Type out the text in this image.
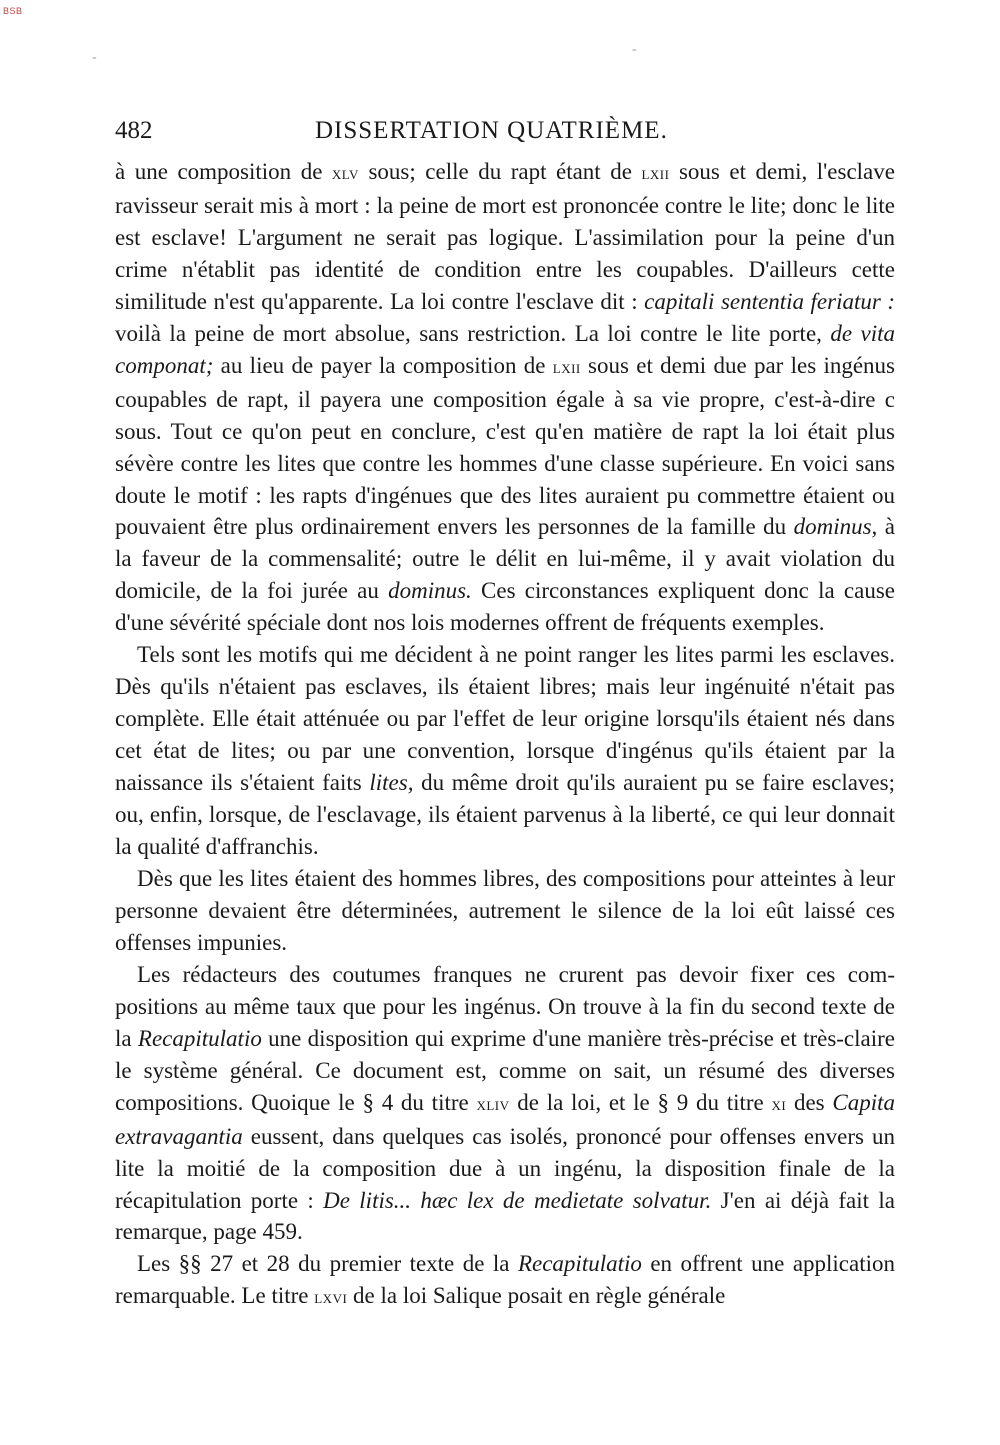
BSB
‐
‐
482	DISSERTATION QUATRIÈME.

à une composition de xlv sous; celle du rapt étant de lxii sous et demi, l'esclave ravisseur serait mis à mort : la peine de mort est prononcée contre le lite; donc le lite est esclave! L'argument ne serait pas logique. L'assimilation pour la peine d'un crime n'établit pas identité de condition entre les coupables. D'ailleurs cette similitude n'est qu'apparente. La loi contre l'esclave dit : capitali sententia feriatur : voilà la peine de mort absolue, sans restriction. La loi contre le lite porte, de vita componat; au lieu de payer la composition de lxii sous et demi due par les ingénus coupables de rapt, il payera une composition égale à sa vie propre, c'est-à-dire c sous. Tout ce qu'on peut en conclure, c'est qu'en matière de rapt la loi était plus sévère contre les lites que contre les hommes d'une classe supérieure. En voici sans doute le motif : les rapts d'ingénues que des lites auraient pu commettre étaient ou pouvaient être plus ordinairement envers les personnes de la famille du dominus, à la faveur de la commensalité; outre le délit en lui-même, il y avait violation du domicile, de la foi jurée au dominus. Ces circonstances expliquent donc la cause d'une sévérité spéciale dont nos lois modernes offrent de fréquents exemples.

Tels sont les motifs qui me décident à ne point ranger les lites parmi les esclaves. Dès qu'ils n'étaient pas esclaves, ils étaient libres; mais leur ingénuité n'était pas complète. Elle était atténuée ou par l'effet de leur origine lorsqu'ils étaient nés dans cet état de lites; ou par une convention, lorsque d'ingénus qu'ils étaient par la naissance ils s'étaient faits lites, du même droit qu'ils auraient pu se faire esclaves; ou, enfin, lorsque, de l'esclavage, ils étaient parvenus à la liberté, ce qui leur donnait la qualité d'affranchis.

Dès que les lites étaient des hommes libres, des compositions pour atteintes à leur personne devaient être déterminées, autrement le silence de la loi eût laissé ces offenses impunies.

Les rédacteurs des coutumes franques ne crurent pas devoir fixer ces compositions au même taux que pour les ingénus. On trouve à la fin du second texte de la Recapitulatio une disposition qui exprime d'une manière très-précise et très-claire le système général. Ce document est, comme on sait, un résumé des diverses compositions. Quoique le § 4 du titre xliv de la loi, et le § 9 du titre xi des Capita extravagantia eussent, dans quelques cas isolés, prononcé pour offenses envers un lite la moitié de la composition due à un ingénu, la disposition finale de la récapitulation porte : De litis... hæc lex de medietate solvatur. J'en ai déjà fait la remarque, page 459.

Les §§ 27 et 28 du premier texte de la Recapitulatio en offrent une application remarquable. Le titre lxvi de la loi Salique posait en règle générale
